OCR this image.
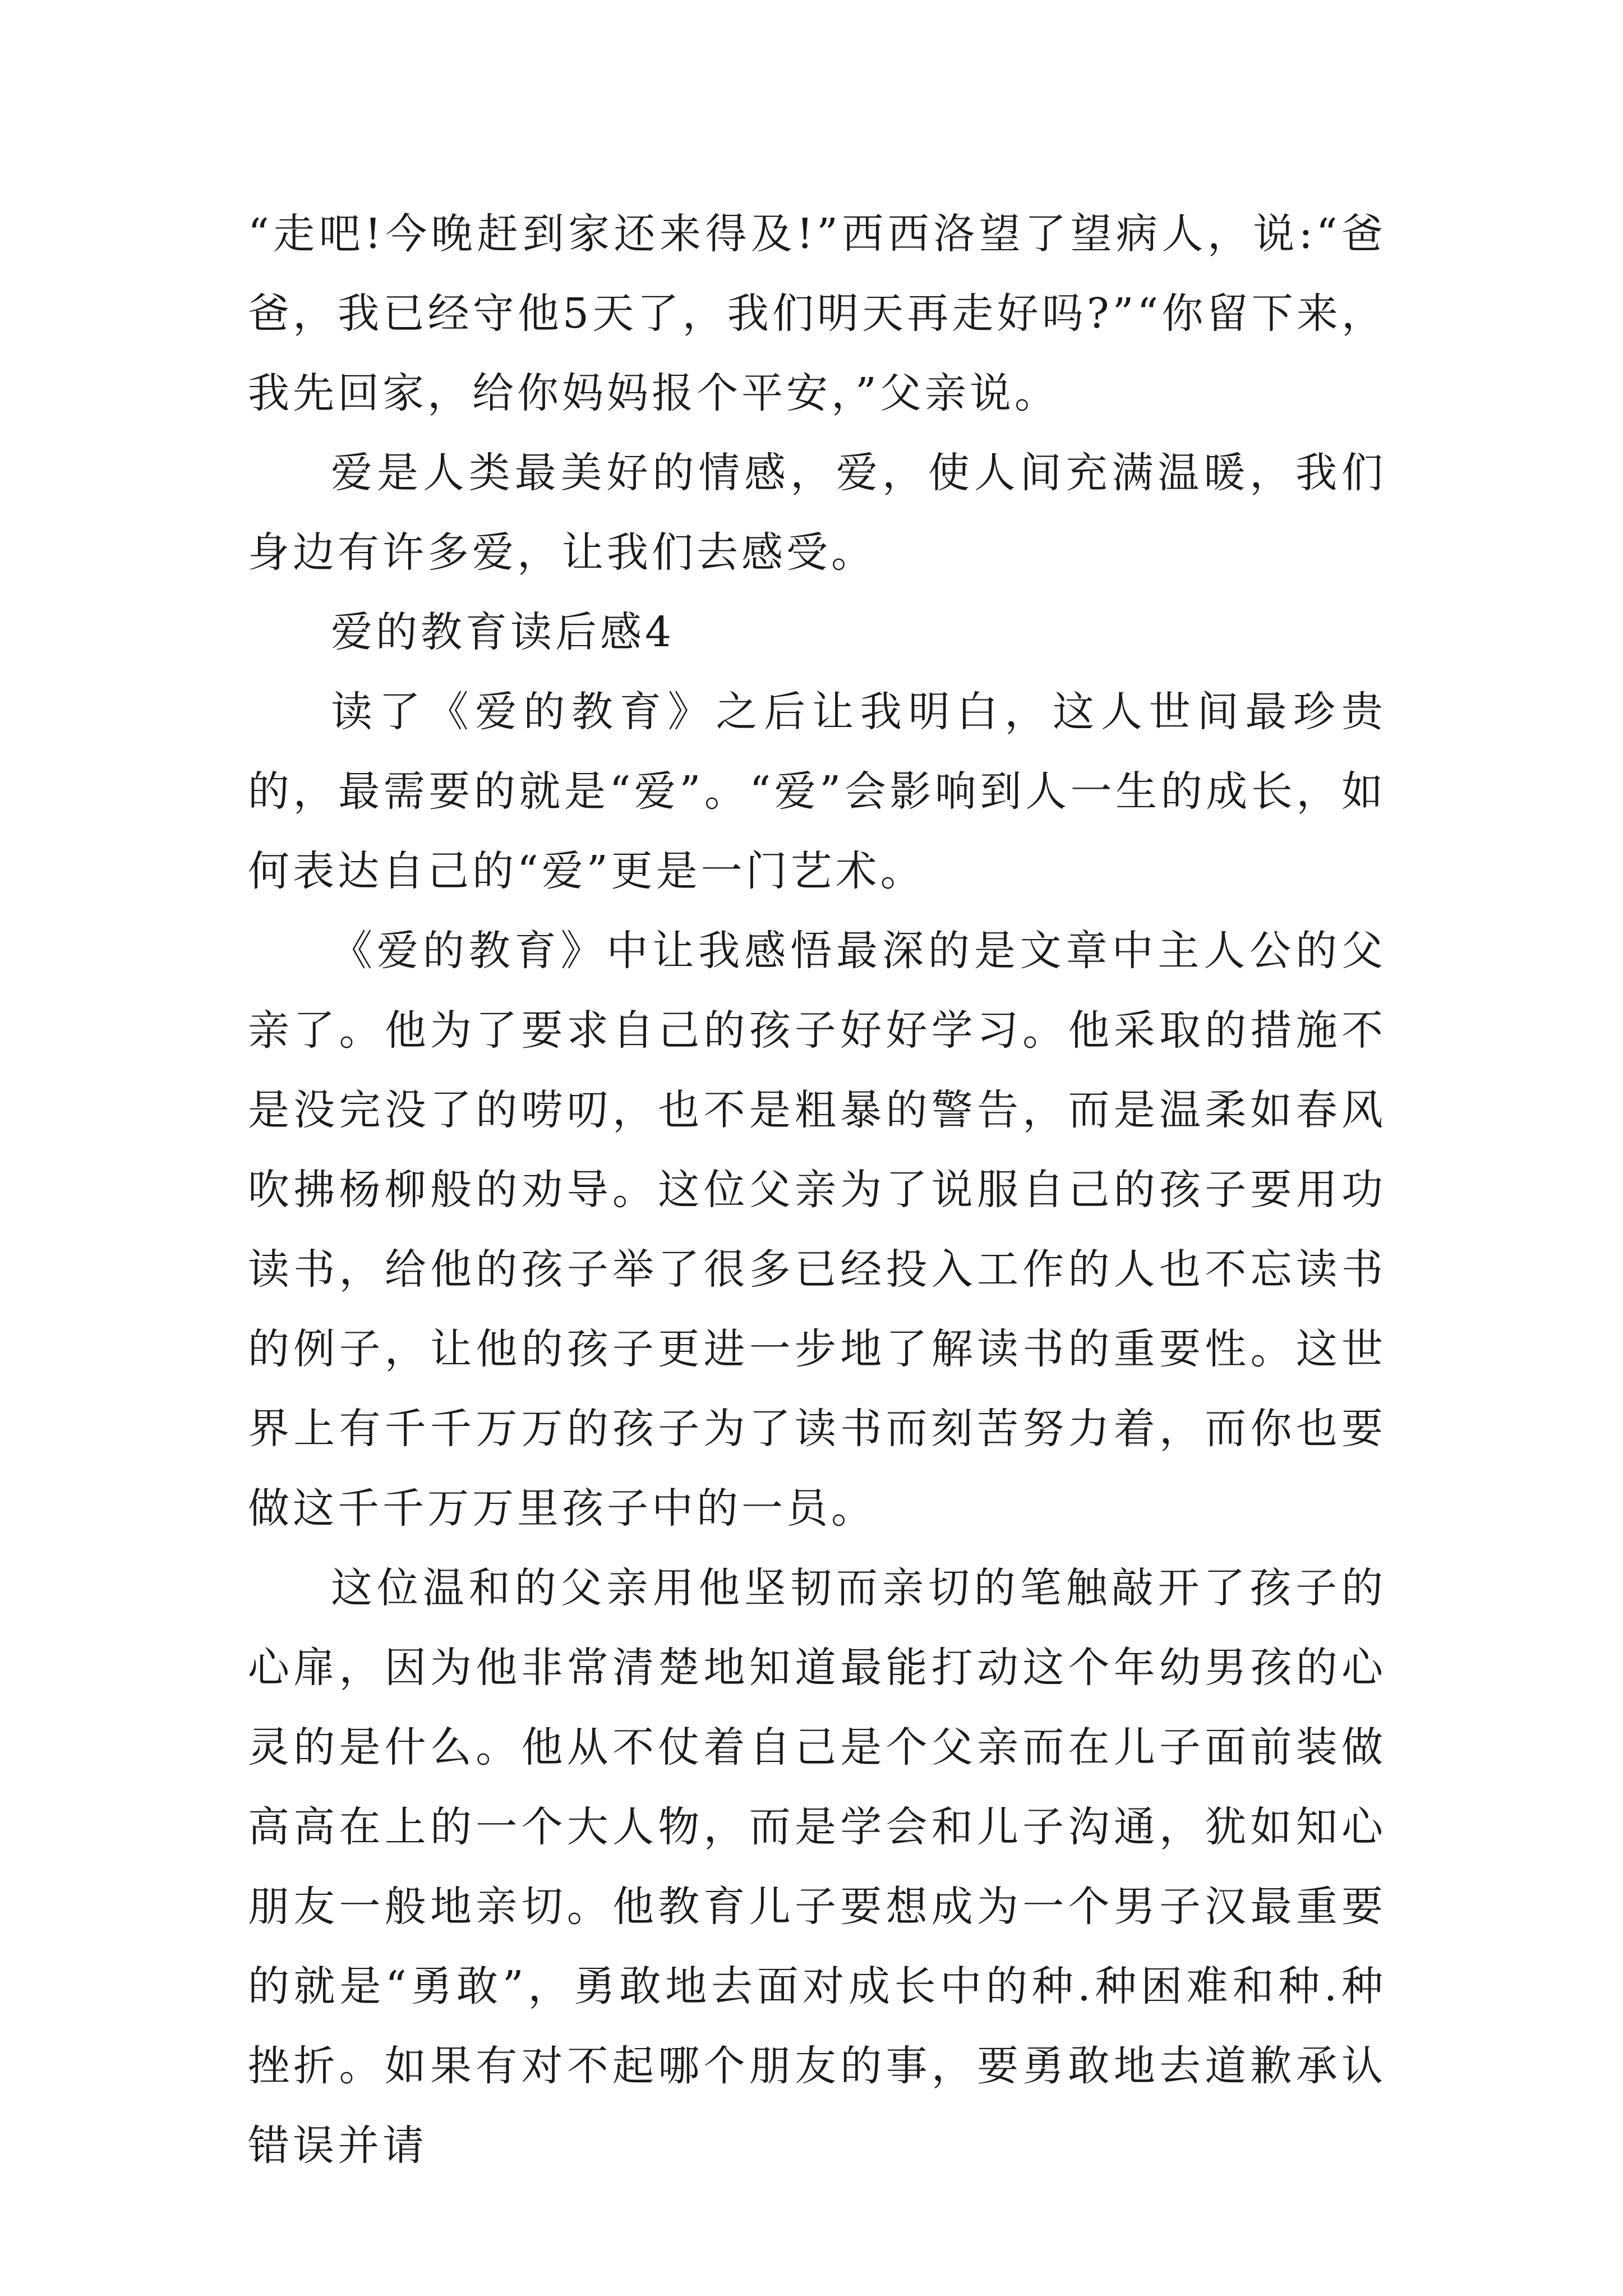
“走吧!今晚赶到家还来得及!”西西洛望了望病人，说:“爸爸，我已经守他5天了，我们明天再走好吗?”“你留下来，我先回家，给你妈妈报个平安，”父亲说。

爱是人类最美好的情感，爱，使人间充满温暖，我们身边有许多爱，让我们去感受。

爱的教育读后感4

读了《爱的教育》之后让我明白，这人世间最珍贵的，最需要的就是“爱”。“爱”会影响到人一生的成长，如何表达自己的“爱”更是一门艺术。

《爱的教育》中让我感悟最深的是文章中主人公的父亲了。他为了要求自己的孩子好好学习。他采取的措施不是没完没了的唠叨，也不是粗暴的警告，而是温柔如春风吹拂杨柳般的劝导。这位父亲为了说服自己的孩子要用功读书，给他的孩子举了很多已经投入工作的人也不忘读书的例子，让他的孩子更进一步地了解读书的重要性。这世界上有千千万万的孩子为了读书而刻苦努力着，而你也要做这千千万万里孩子中的一员。

这位温和的父亲用他坚韧而亲切的笔触敲开了孩子的心扉，因为他非常清楚地知道最能打动这个年幼男孩的心灵的是什么。他从不仗着自己是个父亲而在儿子面前装做高高在上的一个大人物，而是学会和儿子沟通，犹如知心朋友一般地亲切。他教育儿子要想成为一个男子汉最重要的就是“勇敢”，勇敢地去面对成长中的种.种困难和种.种挫折。如果有对不起哪个朋友的事，要勇敢地去道歉承认错误并请
